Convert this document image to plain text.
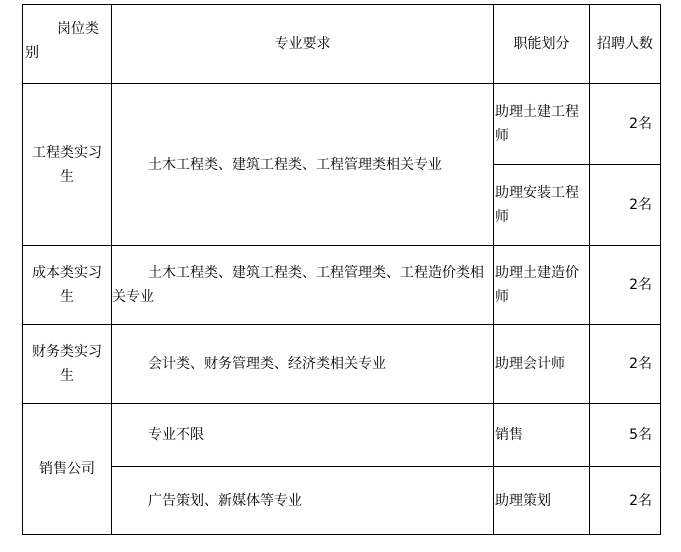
岗位类
别	专业要求	职能划分	招聘人数

工程类实习生	土木工程类、建筑工程类、工程管理类相关专业	助理土建工程师	2名

		助理安装工程师	2名

成本类实习生	土木工程类、建筑工程类、工程管理类、工程造价类相关专业	助理土建造价师	2名

财务类实习生	会计类、财务管理类、经济类相关专业	助理会计师	2名

销售公司	专业不限	销售	5名

	广告策划、新媒体等专业	助理策划	2名
